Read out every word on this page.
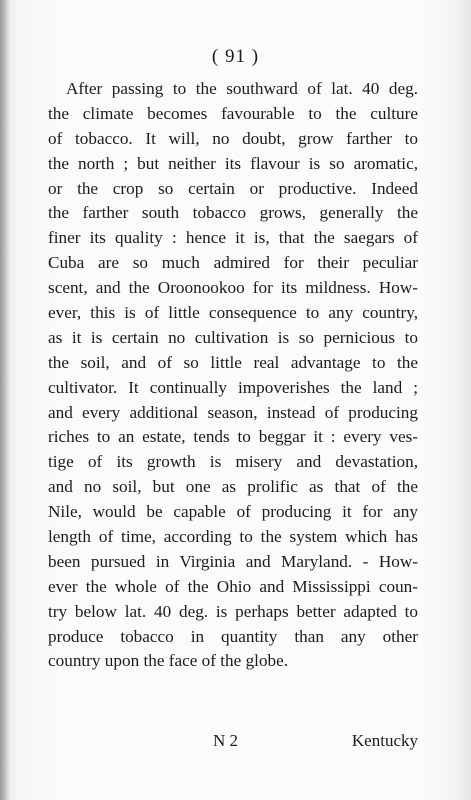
( 91 )
After passing to the southward of lat. 40 deg.
the climate becomes favourable to the culture
of tobacco. It will, no doubt, grow farther to
the north ; but neither its flavour is so aromatic,
or the crop so certain or productive. Indeed
the farther south tobacco grows, generally the
finer its quality : hence it is, that the saegars of
Cuba are so much admired for their peculiar
scent, and the Oroonookoo for its mildness. How-
ever, this is of little consequence to any country,
as it is certain no cultivation is so pernicious to
the soil, and of so little real advantage to the
cultivator. It continually impoverishes the land ;
and every additional season, instead of producing
riches to an estate, tends to beggar it : every ves-
tige of its growth is misery and devastation,
and no soil, but one as prolific as that of the
Nile, would be capable of producing it for any
length of time, according to the system which has
been pursued in Virginia and Maryland. - How-
ever the whole of the Ohio and Mississippi coun-
try below lat. 40 deg. is perhaps better adapted to
produce tobacco in quantity than any other
country upon the face of the globe.
N 2	Kentucky
